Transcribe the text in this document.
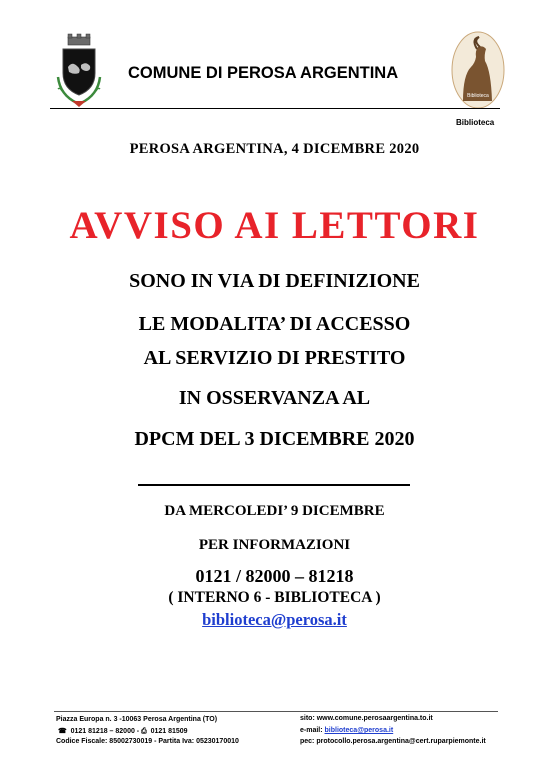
COMUNE DI PEROSA ARGENTINA
Biblioteca
Biblioteca
PEROSA ARGENTINA, 4 DICEMBRE 2020
AVVISO AI LETTORI
SONO IN VIA DI DEFINIZIONE
LE MODALITA’ DI ACCESSO
AL SERVIZIO DI PRESTITO
IN OSSERVANZA AL
DPCM DEL 3 DICEMBRE 2020
DA MERCOLEDI’ 9 DICEMBRE
PER INFORMAZIONI
0121 / 82000 – 81218
( INTERNO 6 - BIBLIOTECA )
biblioteca@perosa.it
Piazza Europa n. 3 -10063 Perosa Argentina (TO)
☎ 0121 81218 – 82000 - ⎙ 0121 81509
Codice Fiscale: 85002730019 - Partita Iva: 05230170010
sito: www.comune.perosaargentina.to.it
e-mail: biblioteca@perosa.it
pec: protocollo.perosa.argentina@cert.ruparpiemonte.it
